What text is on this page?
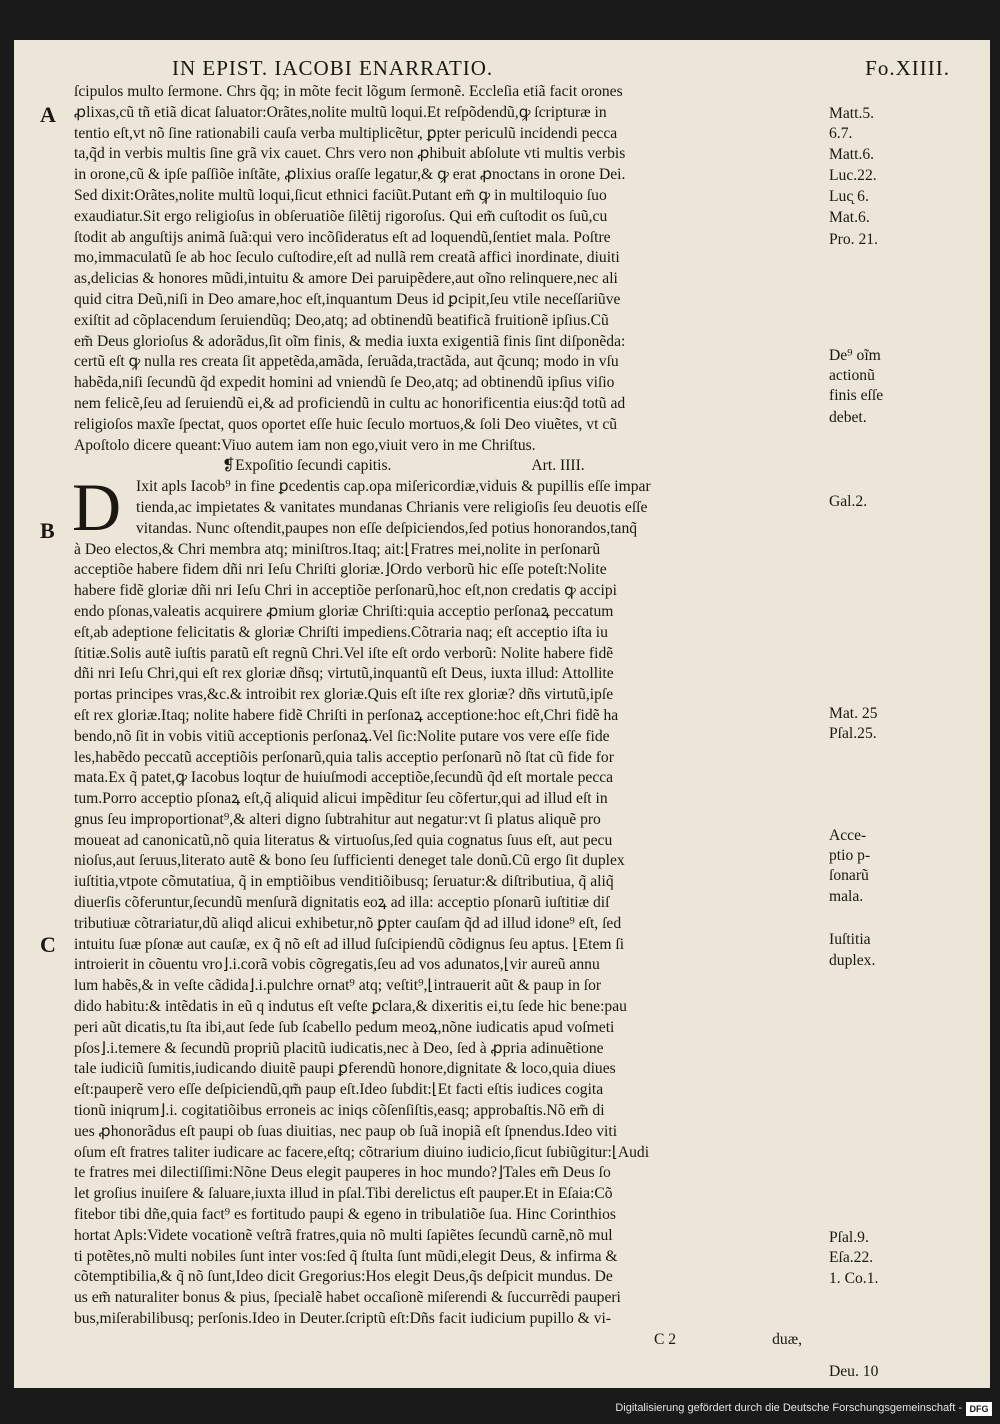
IN EPIST. IACOBI ENARRATIO.	Fo.XIIII.
A
B
C
ſcipulos multo ſermone. Chrs q̃q; in mõte fecit lõgum ſermonẽ. Eccleſia etiã facit orones
ꝓlixas,cũ tñ etiã dicat ſaluator:Orãtes,nolite multũ loqui.Et reſpõdendũ,ꝙ ſcripturæ in
tentio eſt,vt nõ ſine rationabili cauſa verba multiplicẽtur, ꝑpter periculũ incidendi pecca
ta,q̃d in verbis multis ſine grã vix cauet. Chrs vero non ꝓhibuit abſolute vti multis verbis
in orone,cũ & ipſe paſſiõe inſtãte, ꝓlixius oraſſe legatur,& ꝙ erat ꝓnoctans in orone Dei.
Sed dixit:Orãtes,nolite multũ loqui,ſicut ethnici faciũt.Putant em̃ ꝙ in multiloquio ſuo
exaudiatur.Sit ergo religioſus in obſeruatiõe ſilẽtij rigoroſus. Qui em̃ cuſtodit os ſuũ,cu
ſtodit ab anguſtijs animã ſuã:qui vero incõſideratus eſt ad loquendũ,ſentiet mala. Poſtre
mo,immaculatũ ſe ab hoc ſeculo cuſtodire,eſt ad nullã rem creatã affici inordinate, diuiti
as,delicias & honores mũdi,intuitu & amore Dei paruipẽdere,aut oĩno relinquere,nec ali
quid citra Deũ,niſi in Deo amare,hoc eſt,inquantum Deus id ꝑcipit,ſeu vtile neceſſariũve
exiſtit ad cõplacendum ſeruiendũq; Deo,atq; ad obtinendũ beatificã fruitionẽ ipſius.Cũ
em̃ Deus glorioſus & adorãdus,ſit oĩm finis, & media iuxta exigentiã finis ſint diſponẽda:
certũ eſt ꝙ nulla res creata ſit appetẽda,amãda, ſeruãda,tractãda, aut q̃cunq; modo in vſu
habẽda,niſi ſecundũ q̃d expedit homini ad vniendũ ſe Deo,atq; ad obtinendũ ipſius viſio
nem felicẽ,ſeu ad ſeruiendũ ei,& ad proficiendũ in cultu ac honorificentia eius:q̃d totũ ad
religioſos maxĩe ſpectat, quos oportet eſſe huic ſeculo mortuos,& ſoli Deo viuẽtes, vt cũ
Apoſtolo dicere queant:Viuo autem iam non ego,viuit vero in me Chriſtus.
❡Expoſitio ſecundi capitis.	Art. IIII.
D Ixit apls Iacob⁹ in fine ꝑcedentis cap.opa miſericordiæ,viduis & pupillis eſſe impar
tienda,ac impietates & vanitates mundanas Chrianis vere religioſis ſeu deuotis eſſe
vitandas. Nunc oſtendit,paupes non eſſe deſpiciendos,ſed potius honorandos,tanq̃
à Deo electos,& Chri membra atq; miniſtros.Itaq; ait:⌊Fratres mei,nolite in perſonarũ
acceptiõe habere fidem dñi nri Ieſu Chriſti gloriæ.⌋Ordo verborũ hic eſſe poteſt:Nolite
habere fidẽ gloriæ dñi nri Ieſu Chri in acceptiõe perſonarũ,hoc eſt,non credatis ꝙ accipi
endo pſonas,valeatis acquirere ꝓmium gloriæ Chriſti:quia acceptio perſonaꝝ peccatum
eſt,ab adeptione felicitatis & gloriæ Chriſti impediens.Cõtraria naq; eſt acceptio iſta iu
ſtitiæ.Solis autẽ iuſtis paratũ eſt regnũ Chri.Vel iſte eſt ordo verborũ: Nolite habere fidẽ
dñi nri Ieſu Chri,qui eſt rex gloriæ dñsq; virtutũ,inquantũ eſt Deus, iuxta illud: Attollite
portas principes vras,&c.& introibit rex gloriæ.Quis eſt iſte rex gloriæ? dñs virtutũ,ipſe
eſt rex gloriæ.Itaq; nolite habere fidẽ Chriſti in perſonaꝝ acceptione:hoc eſt,Chri fidẽ ha
bendo,nõ ſit in vobis vitiũ acceptionis perſonaꝝ.Vel ſic:Nolite putare vos vere eſſe fide
les,habẽdo peccatũ acceptiõis perſonarũ,quia talis acceptio perſonarũ nõ ſtat cũ fide for
mata.Ex q̃ patet,ꝙ Iacobus loqtur de huiuſmodi acceptiõe,ſecundũ q̃d eſt mortale pecca
tum.Porro acceptio pſonaꝝ eſt,q̃ aliquid alicui impẽditur ſeu cõfertur,qui ad illud eſt in
gnus ſeu improportionat⁹,& alteri digno ſubtrahitur aut negatur:vt ſi platus aliquẽ pro
moueat ad canonicatũ,nõ quia literatus & virtuoſus,ſed quia cognatus ſuus eſt, aut pecu
nioſus,aut ſeruus,literato autẽ & bono ſeu ſufficienti deneget tale donũ.Cũ ergo ſit duplex
iuſtitia,vtpote cõmutatiua, q̃ in emptiõibus venditiõibusq; ſeruatur:& diſtributiua, q̃ aliq̃
diuerſis cõferuntur,ſecundũ menſurã dignitatis eoꝝ ad illa: acceptio pſonarũ iuſtitiæ diſ
tributiuæ cõtrariatur,dũ aliqd alicui exhibetur,nõ ꝑpter cauſam q̃d ad illud idone⁹ eſt, ſed
intuitu ſuæ pſonæ aut cauſæ, ex q̃ nõ eſt ad illud ſuſcipiendũ cõdignus ſeu aptus. ⌊Etem ſi
introierit in cõuentu vro⌋.i.corã vobis cõgregatis,ſeu ad vos adunatos,⌊vir aureũ annu
lum habẽs,& in veſte cãdida⌋.i.pulchre ornat⁹ atq; veſtit⁹,⌊intrauerit aũt & paup in ſor
dido habitu:& intẽdatis in eũ q indutus eſt veſte ꝑclara,& dixeritis ei,tu ſede hic bene:pau
peri aũt dicatis,tu ſta ibi,aut ſede ſub ſcabello pedum meoꝝ,nõne iudicatis apud voſmeti
pſos⌋.i.temere & ſecundũ propriũ placitũ iudicatis,nec à Deo, ſed à ꝓpria adinuẽtione
tale iudiciũ ſumitis,iudicando diuitẽ paupi ꝑferendũ honore,dignitate & loco,quia diues
eſt:pauperẽ vero eſſe deſpiciendũ,qm̃ paup eſt.Ideo ſubdit:⌊Et facti eſtis iudices cogita
tionũ iniqrum⌋.i. cogitatiõibus erroneis ac iniqs cõſenſiſtis,easq; approbaſtis.Nõ em̃ di
ues ꝓhonorãdus eſt paupi ob ſuas diuitias, nec paup ob ſuã inopiã eſt ſpnendus.Ideo viti
oſum eſt fratres taliter iudicare ac facere,eſtq; cõtrarium diuino iudicio,ſicut ſubiũgitur:⌊Audi
te fratres mei dilectiſſimi:Nõne Deus elegit pauperes in hoc mundo?⌋Tales em̃ Deus ſo
let groſius inuiſere & ſaluare,iuxta illud in pſal.Tibi derelictus eſt pauper.Et in Eſaia:Cõ
fitebor tibi dñe,quia fact⁹ es fortitudo paupi & egeno in tribulatiõe ſua. Hinc Corinthios
hortat Apls:Videte vocationẽ veſtrã fratres,quia nõ multi ſapiẽtes ſecundũ carnẽ,nõ mul
ti potẽtes,nõ multi nobiles ſunt inter vos:ſed q̃ ſtulta ſunt mũdi,elegit Deus, & infirma &
cõtemptibilia,& q̃ nõ ſunt,Ideo dicit Gregorius:Hos elegit Deus,q̃s deſpicit mundus. De
us em̃ naturaliter bonus & pius, ſpecialẽ habet occaſionẽ miſerendi & ſuccurrẽdi pauperi
bus,miſerabilibusq; perſonis.Ideo in Deuter.ſcriptũ eſt:Dñs facit iudicium pupillo & vi-
C 2	duæ,
Matt.5.
6.7.
Matt.6.
Luc.22.
Luc̨ 6.
Mat.6.
Pro. 21.
De⁹ oĩm
actionũ
finis eſſe
debet.
Gal.2.
Mat. 25
Pſal.25.
Acce-
ptio p-
ſonarũ
mala.
Iuſtitia
duplex.
Pſal.9.
Eſa.22.
1. Co.1.
Deu. 10
Digitalisierung gefördert durch die Deutsche Forschungsgemeinschaft - DFG
